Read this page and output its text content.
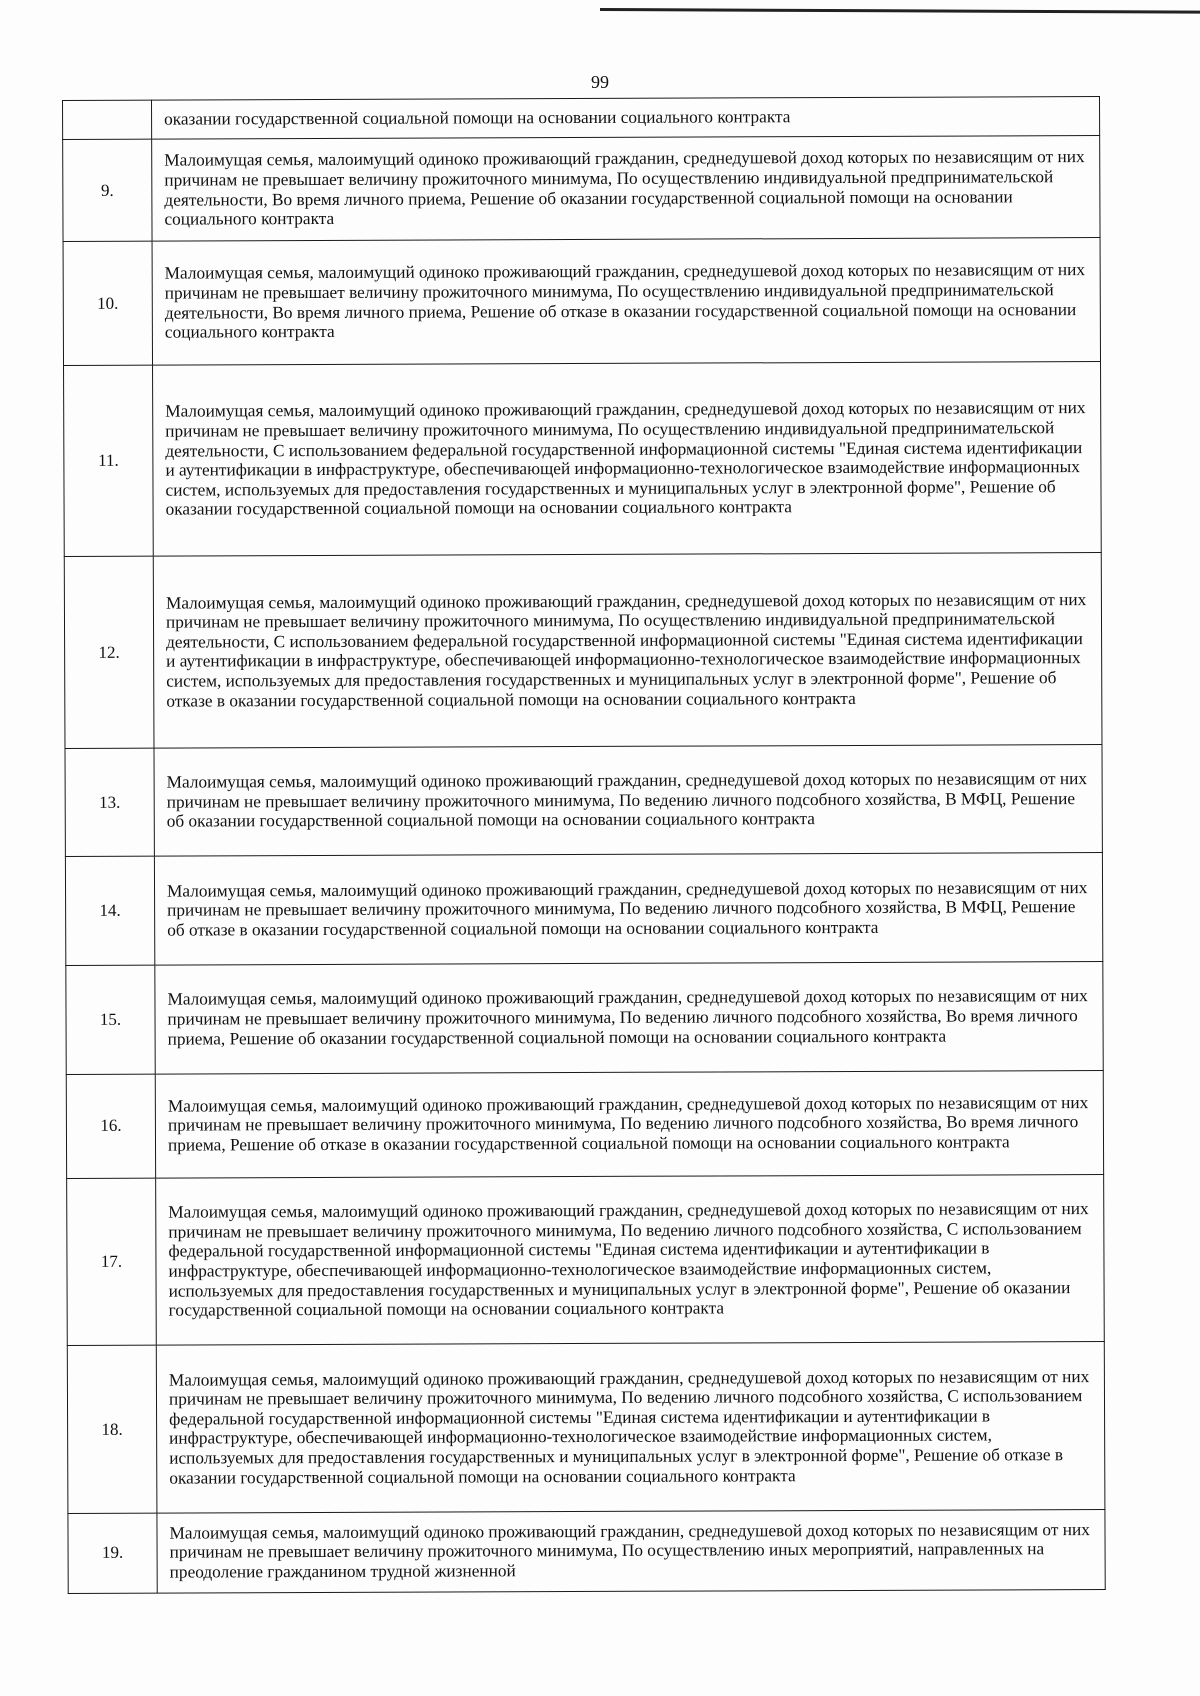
99
	оказании государственной социальной помощи на основании социального контракта
9.	Малоимущая семья, малоимущий одиноко проживающий гражданин, среднедушевой доход которых по независящим от них причинам не превышает величину прожиточного минимума, По осуществлению индивидуальной предпринимательской деятельности, Во время личного приема, Решение об оказании государственной социальной помощи на основании социального контракта
10.	Малоимущая семья, малоимущий одиноко проживающий гражданин, среднедушевой доход которых по независящим от них причинам не превышает величину прожиточного минимума, По осуществлению индивидуальной предпринимательской деятельности, Во время личного приема, Решение об отказе в оказании государственной социальной помощи на основании социального контракта
11.	Малоимущая семья, малоимущий одиноко проживающий гражданин, среднедушевой доход которых по независящим от них причинам не превышает величину прожиточного минимума, По осуществлению индивидуальной предпринимательской деятельности, С использованием федеральной государственной информационной системы "Единая система идентификации и аутентификации в инфраструктуре, обеспечивающей информационно-технологическое взаимодействие информационных систем, используемых для предоставления государственных и муниципальных услуг в электронной форме", Решение об оказании государственной социальной помощи на основании социального контракта
12.	Малоимущая семья, малоимущий одиноко проживающий гражданин, среднедушевой доход которых по независящим от них причинам не превышает величину прожиточного минимума, По осуществлению индивидуальной предпринимательской деятельности, С использованием федеральной государственной информационной системы "Единая система идентификации и аутентификации в инфраструктуре, обеспечивающей информационно-технологическое взаимодействие информационных систем, используемых для предоставления государственных и муниципальных услуг в электронной форме", Решение об отказе в оказании государственной социальной помощи на основании социального контракта
13.	Малоимущая семья, малоимущий одиноко проживающий гражданин, среднедушевой доход которых по независящим от них причинам не превышает величину прожиточного минимума, По ведению личного подсобного хозяйства, В МФЦ, Решение об оказании государственной социальной помощи на основании социального контракта
14.	Малоимущая семья, малоимущий одиноко проживающий гражданин, среднедушевой доход которых по независящим от них причинам не превышает величину прожиточного минимума, По ведению личного подсобного хозяйства, В МФЦ, Решение об отказе в оказании государственной социальной помощи на основании социального контракта
15.	Малоимущая семья, малоимущий одиноко проживающий гражданин, среднедушевой доход которых по независящим от них причинам не превышает величину прожиточного минимума, По ведению личного подсобного хозяйства, Во время личного приема, Решение об оказании государственной социальной помощи на основании социального контракта
16.	Малоимущая семья, малоимущий одиноко проживающий гражданин, среднедушевой доход которых по независящим от них причинам не превышает величину прожиточного минимума, По ведению личного подсобного хозяйства, Во время личного приема, Решение об отказе в оказании государственной социальной помощи на основании социального контракта
17.	Малоимущая семья, малоимущий одиноко проживающий гражданин, среднедушевой доход которых по независящим от них причинам не превышает величину прожиточного минимума, По ведению личного подсобного хозяйства, С использованием федеральной государственной информационной системы "Единая система идентификации и аутентификации в инфраструктуре, обеспечивающей информационно-технологическое взаимодействие информационных систем, используемых для предоставления государственных и муниципальных услуг в электронной форме", Решение об оказании государственной социальной помощи на основании социального контракта
18.	Малоимущая семья, малоимущий одиноко проживающий гражданин, среднедушевой доход которых по независящим от них причинам не превышает величину прожиточного минимума, По ведению личного подсобного хозяйства, С использованием федеральной государственной информационной системы "Единая система идентификации и аутентификации в инфраструктуре, обеспечивающей информационно-технологическое взаимодействие информационных систем, используемых для предоставления государственных и муниципальных услуг в электронной форме", Решение об отказе в оказании государственной социальной помощи на основании социального контракта
19.	Малоимущая семья, малоимущий одиноко проживающий гражданин, среднедушевой доход которых по независящим от них причинам не превышает величину прожиточного минимума, По осуществлению иных мероприятий, направленных на преодоление гражданином трудной жизненной
